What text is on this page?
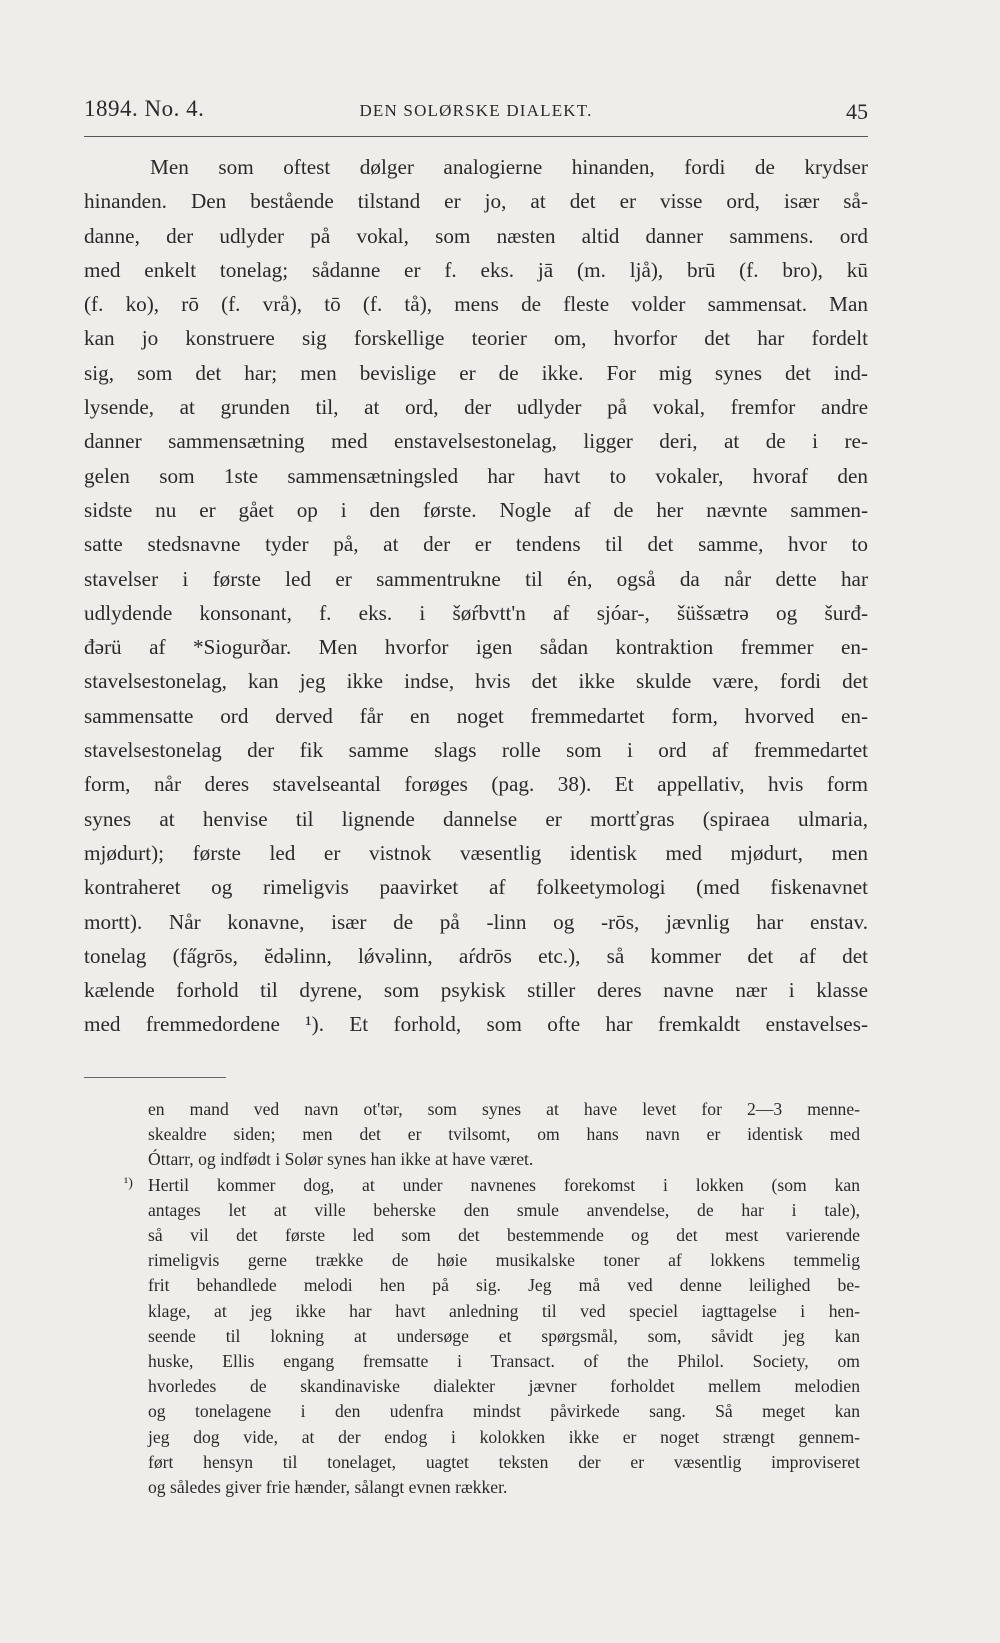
1894. No. 4.	DEN SOLØRSKE DIALEKT.	45
Men som oftest dølger analogierne hinanden, fordi de krydser
hinanden. Den bestående tilstand er jo, at det er visse ord, især så-
danne, der udlyder på vokal, som næsten altid danner sammens. ord
med enkelt tonelag; sådanne er f. eks. jā (m. ljå), brū (f. bro), kū
(f. ko), rō (f. vrå), tō (f. tå), mens de fleste volder sammensat. Man
kan jo konstruere sig forskellige teorier om, hvorfor det har fordelt
sig, som det har; men bevislige er de ikke. For mig synes det ind-
lysende, at grunden til, at ord, der udlyder på vokal, fremfor andre
danner sammensætning med enstavelsestonelag, ligger deri, at de i re-
gelen som 1ste sammensætningsled har havt to vokaler, hvoraf den
sidste nu er gået op i den første. Nogle af de her nævnte sammen-
satte stedsnavne tyder på, at der er tendens til det samme, hvor to
stavelser i første led er sammentrukne til én, også da når dette har
udlydende konsonant, f. eks. i šøŕbvtt'n af sjóar-, šüšsætrə og šurđ-
đərü af *Siogurðar. Men hvorfor igen sådan kontraktion fremmer en-
stavelsestonelag, kan jeg ikke indse, hvis det ikke skulde være, fordi det
sammensatte ord derved får en noget fremmedartet form, hvorved en-
stavelsestonelag der fik samme slags rolle som i ord af fremmedartet
form, når deres stavelseantal forøges (pag. 38). Et appellativ, hvis form
synes at henvise til lignende dannelse er mortťgras (spiraea ulmaria,
mjødurt); første led er vistnok væsentlig identisk med mjødurt, men
kontraheret og rimeligvis paavirket af folkeetymologi (med fiskenavnet
mortt). Når konavne, især de på -linn og -rōs, jævnlig har enstav.
tonelag (fa̋grōs, ĕdəlinn, lǿvəlinn, aŕdrōs etc.), så kommer det af det
kælende forhold til dyrene, som psykisk stiller deres navne nær i klasse
med fremmedordene ¹). Et forhold, som ofte har fremkaldt enstavelses-
en mand ved navn ot'tər, som synes at have levet for 2—3 menne-
skealdre siden; men det er tvilsomt, om hans navn er identisk med
Óttarr, og indfødt i Solør synes han ikke at have været.
¹) Hertil kommer dog, at under navnenes forekomst i lokken (som kan
antages let at ville beherske den smule anvendelse, de har i tale),
så vil det første led som det bestemmende og det mest varierende
rimeligvis gerne trække de høie musikalske toner af lokkens temmelig
frit behandlede melodi hen på sig. Jeg må ved denne leilighed be-
klage, at jeg ikke har havt anledning til ved speciel iagttagelse i hen-
seende til lokning at undersøge et spørgsmål, som, såvidt jeg kan
huske, Ellis engang fremsatte i Transact. of the Philol. Society, om
hvorledes de skandinaviske dialekter jævner forholdet mellem melodien
og tonelagene i den udenfra mindst påvirkede sang. Så meget kan
jeg dog vide, at der endog i kolokken ikke er noget strængt gennem-
ført hensyn til tonelaget, uagtet teksten der er væsentlig improviseret
og således giver frie hænder, sålangt evnen rækker.
